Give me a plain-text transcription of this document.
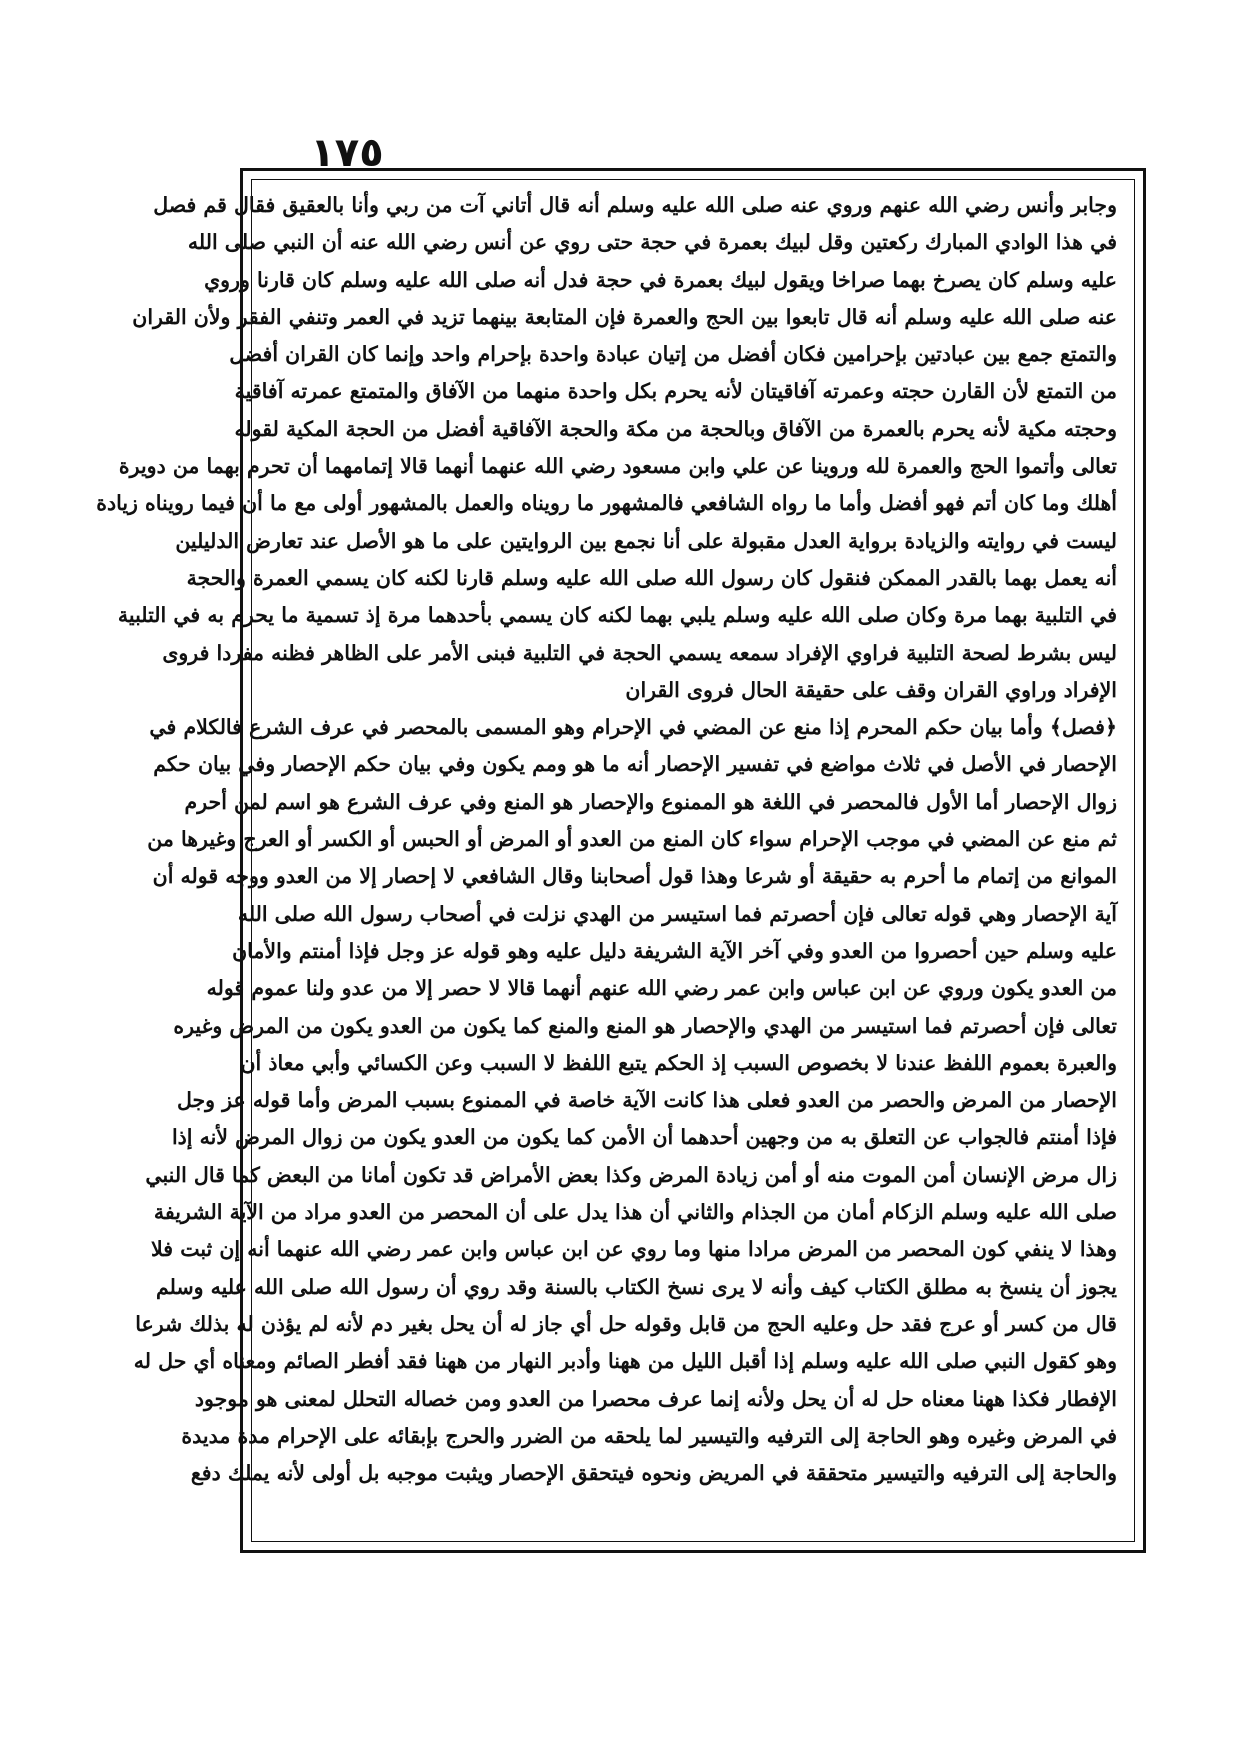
١٧٥
وجابر وأنس رضي الله عنهم وروي عنه صلى الله عليه وسلم أنه قال أتاني آت من ربي وأنا بالعقيق فقال قم فصل
في هذا الوادي المبارك ركعتين وقل لبيك بعمرة في حجة حتى روي عن أنس رضي الله عنه أن النبي صلى الله
عليه وسلم كان يصرخ بهما صراخا ويقول لبيك بعمرة في حجة فدل أنه صلى الله عليه وسلم كان قارنا وروي
عنه صلى الله عليه وسلم أنه قال تابعوا بين الحج والعمرة فإن المتابعة بينهما تزيد في العمر وتنفي الفقر ولأن القران
والتمتع جمع بين عبادتين بإحرامين فكان أفضل من إتيان عبادة واحدة بإحرام واحد وإنما كان القران أفضل
من التمتع لأن القارن حجته وعمرته آفاقيتان لأنه يحرم بكل واحدة منهما من الآفاق والمتمتع عمرته آفاقية
وحجته مكية لأنه يحرم بالعمرة من الآفاق وبالحجة من مكة والحجة الآفاقية أفضل من الحجة المكية لقوله
تعالى وأتموا الحج والعمرة لله وروينا عن علي وابن مسعود رضي الله عنهما أنهما قالا إتمامهما أن تحرم بهما من دويرة
أهلك وما كان أتم فهو أفضل وأما ما رواه الشافعي فالمشهور ما رويناه والعمل بالمشهور أولى مع ما أن فيما رويناه زيادة
ليست في روايته والزيادة برواية العدل مقبولة على أنا نجمع بين الروايتين على ما هو الأصل عند تعارض الدليلين
أنه يعمل بهما بالقدر الممكن فنقول كان رسول الله صلى الله عليه وسلم قارنا لكنه كان يسمي العمرة والحجة
في التلبية بهما مرة وكان صلى الله عليه وسلم يلبي بهما لكنه كان يسمي بأحدهما مرة إذ تسمية ما يحرم به في التلبية
ليس بشرط لصحة التلبية فراوي الإفراد سمعه يسمي الحجة في التلبية فبنى الأمر على الظاهر فظنه مفردا فروى
الإفراد وراوي القران وقف على حقيقة الحال فروى القران
﴿فصل﴾ وأما بيان حكم المحرم إذا منع عن المضي في الإحرام وهو المسمى بالمحصر في عرف الشرع فالكلام في
الإحصار في الأصل في ثلاث مواضع في تفسير الإحصار أنه ما هو ومم يكون وفي بيان حكم الإحصار وفي بيان حكم
زوال الإحصار أما الأول فالمحصر في اللغة هو الممنوع والإحصار هو المنع وفي عرف الشرع هو اسم لمن أحرم
ثم منع عن المضي في موجب الإحرام سواء كان المنع من العدو أو المرض أو الحبس أو الكسر أو العرج وغيرها من
الموانع من إتمام ما أحرم به حقيقة أو شرعا وهذا قول أصحابنا وقال الشافعي لا إحصار إلا من العدو ووجه قوله أن
آية الإحصار وهي قوله تعالى فإن أحصرتم فما استيسر من الهدي نزلت في أصحاب رسول الله صلى الله
عليه وسلم حين أحصروا من العدو وفي آخر الآية الشريفة دليل عليه وهو قوله عز وجل فإذا أمنتم والأمان
من العدو يكون وروي عن ابن عباس وابن عمر رضي الله عنهم أنهما قالا لا حصر إلا من عدو ولنا عموم قوله
تعالى فإن أحصرتم فما استيسر من الهدي والإحصار هو المنع والمنع كما يكون من العدو يكون من المرض وغيره
والعبرة بعموم اللفظ عندنا لا بخصوص السبب إذ الحكم يتبع اللفظ لا السبب وعن الكسائي وأبي معاذ أن
الإحصار من المرض والحصر من العدو فعلى هذا كانت الآية خاصة في الممنوع بسبب المرض وأما قوله عز وجل
فإذا أمنتم فالجواب عن التعلق به من وجهين أحدهما أن الأمن كما يكون من العدو يكون من زوال المرض لأنه إذا
زال مرض الإنسان أمن الموت منه أو أمن زيادة المرض وكذا بعض الأمراض قد تكون أمانا من البعض كما قال النبي
صلى الله عليه وسلم الزكام أمان من الجذام والثاني أن هذا يدل على أن المحصر من العدو مراد من الآية الشريفة
وهذا لا ينفي كون المحصر من المرض مرادا منها وما روي عن ابن عباس وابن عمر رضي الله عنهما أنه إن ثبت فلا
يجوز أن ينسخ به مطلق الكتاب كيف وأنه لا يرى نسخ الكتاب بالسنة وقد روي أن رسول الله صلى الله عليه وسلم
قال من كسر أو عرج فقد حل وعليه الحج من قابل وقوله حل أي جاز له أن يحل بغير دم لأنه لم يؤذن له بذلك شرعا
وهو كقول النبي صلى الله عليه وسلم إذا أقبل الليل من ههنا وأدبر النهار من ههنا فقد أفطر الصائم ومعناه أي حل له
الإفطار فكذا ههنا معناه حل له أن يحل ولأنه إنما عرف محصرا من العدو ومن خصاله التحلل لمعنى هو موجود
في المرض وغيره وهو الحاجة إلى الترفيه والتيسير لما يلحقه من الضرر والحرج بإبقائه على الإحرام مدة مديدة
والحاجة إلى الترفيه والتيسير متحققة في المريض ونحوه فيتحقق الإحصار ويثبت موجبه بل أولى لأنه يملك دفع
